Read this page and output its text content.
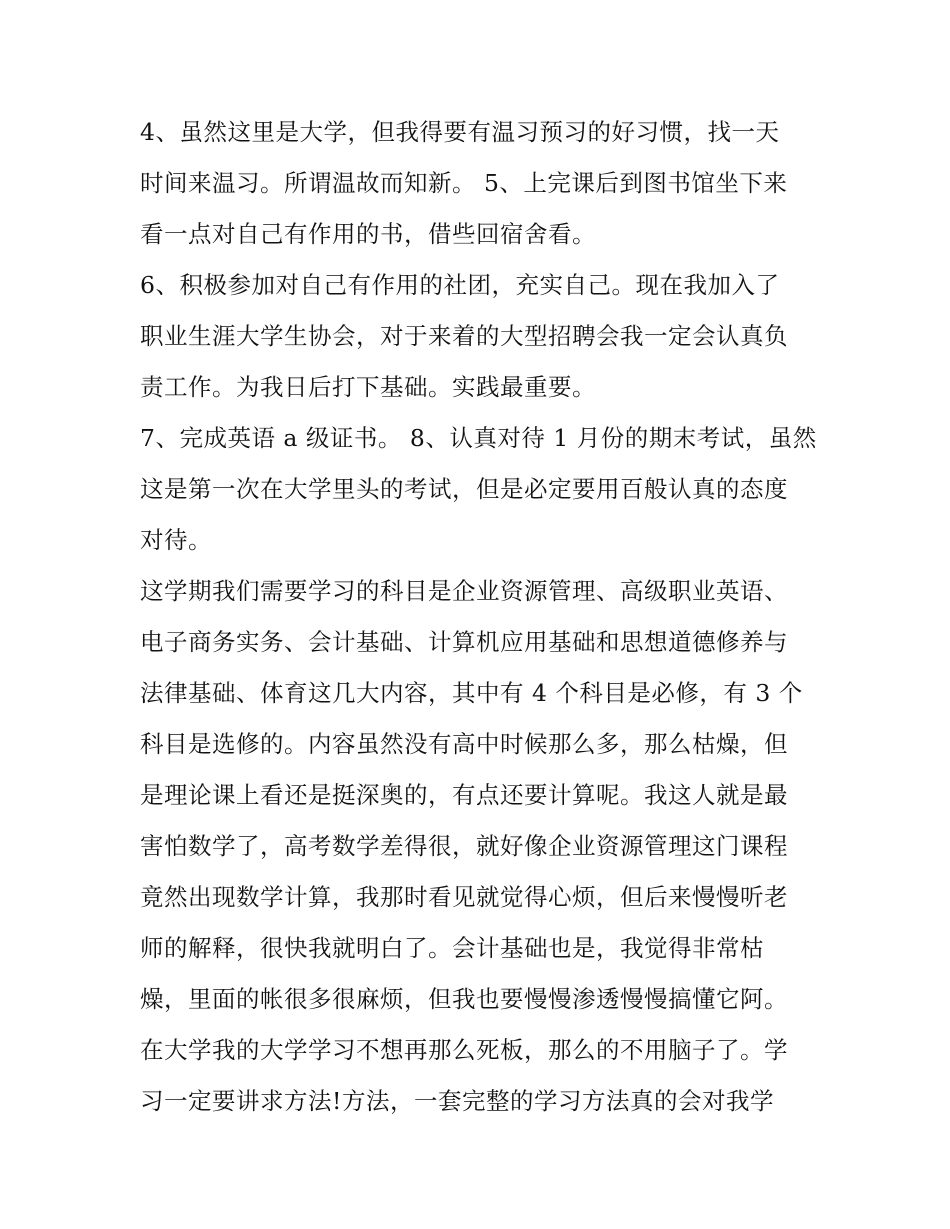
4、虽然这里是大学，但我得要有温习预习的好习惯，找一天
时间来温习。所谓温故而知新。 5、上完课后到图书馆坐下来
看一点对自己有作用的书，借些回宿舍看。
6、积极参加对自己有作用的社团，充实自己。现在我加入了
职业生涯大学生协会，对于来着的大型招聘会我一定会认真负
责工作。为我日后打下基础。实践最重要。
7、完成英语 a 级证书。 8、认真对待 1 月份的期末考试，虽然
这是第一次在大学里头的考试，但是必定要用百般认真的态度
对待。
这学期我们需要学习的科目是企业资源管理、高级职业英语、
电子商务实务、会计基础、计算机应用基础和思想道德修养与
法律基础、体育这几大内容，其中有 4 个科目是必修，有 3 个
科目是选修的。内容虽然没有高中时候那么多，那么枯燥，但
是理论课上看还是挺深奥的，有点还要计算呢。我这人就是最
害怕数学了，高考数学差得很，就好像企业资源管理这门课程
竟然出现数学计算，我那时看见就觉得心烦，但后来慢慢听老
师的解释，很快我就明白了。会计基础也是，我觉得非常枯
燥，里面的帐很多很麻烦，但我也要慢慢渗透慢慢搞懂它阿。
在大学我的大学学习不想再那么死板，那么的不用脑子了。学
习一定要讲求方法!方法，一套完整的学习方法真的会对我学
